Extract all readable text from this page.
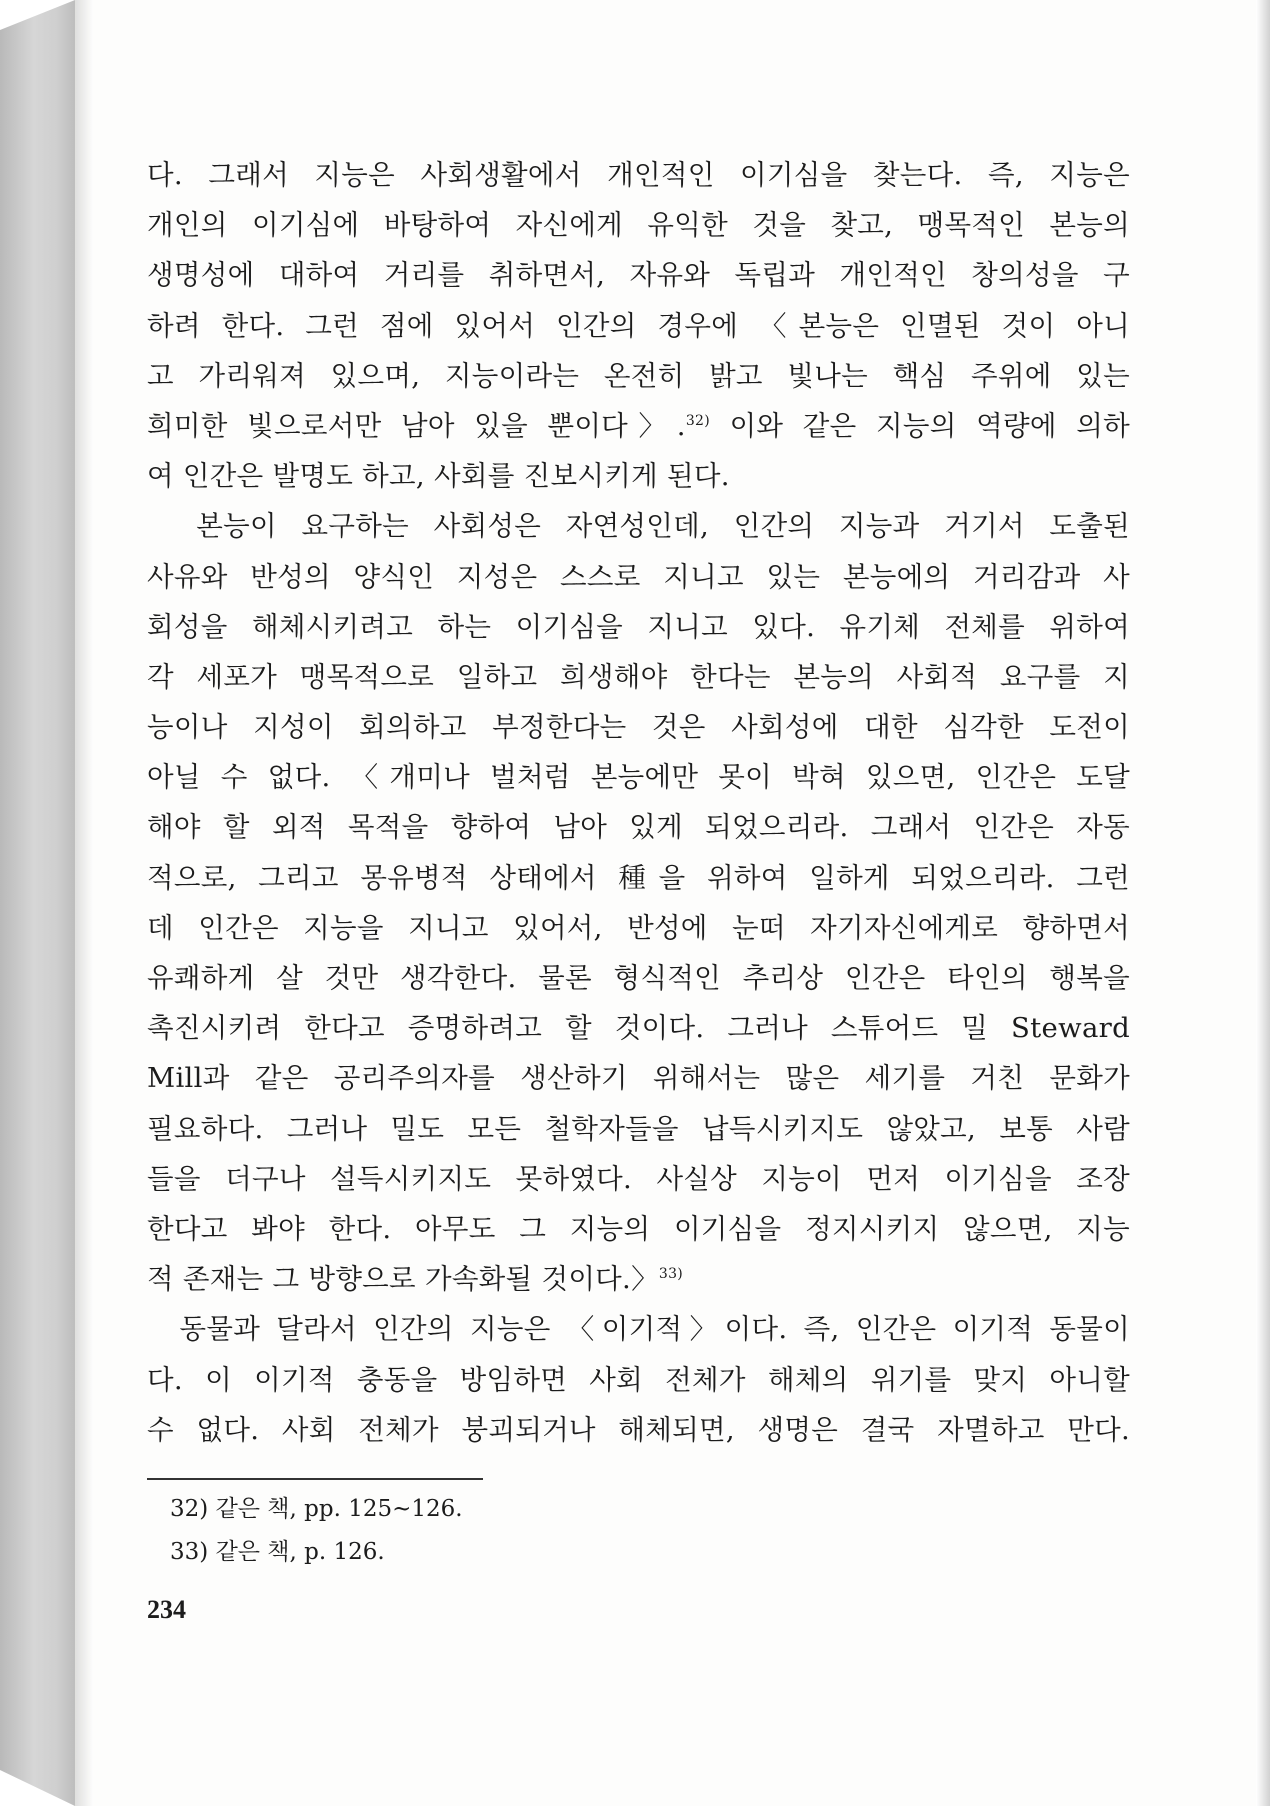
다. 그래서 지능은 사회생활에서 개인적인 이기심을 찾는다. 즉, 지능은
개인의 이기심에 바탕하여 자신에게 유익한 것을 찾고, 맹목적인 본능의
생명성에 대하여 거리를 취하면서, 자유와 독립과 개인적인 창의성을 구
하려 한다. 그런 점에 있어서 인간의 경우에 〈본능은 인멸된 것이 아니
고 가리워져 있으며, 지능이라는 온전히 밝고 빛나는 핵심 주위에 있는
희미한 빛으로서만 남아 있을 뿐이다〉.$^{32)}$ 이와 같은 지능의 역량에 의하
여 인간은 발명도 하고, 사회를 진보시키게 된다.
본능이 요구하는 사회성은 자연성인데, 인간의 지능과 거기서 도출된
사유와 반성의 양식인 지성은 스스로 지니고 있는 본능에의 거리감과 사
회성을 해체시키려고 하는 이기심을 지니고 있다. 유기체 전체를 위하여
각 세포가 맹목적으로 일하고 희생해야 한다는 본능의 사회적 요구를 지
능이나 지성이 회의하고 부정한다는 것은 사회성에 대한 심각한 도전이
아닐 수 없다. 〈개미나 벌처럼 본능에만 못이 박혀 있으면, 인간은 도달
해야 할 외적 목적을 향하여 남아 있게 되었으리라. 그래서 인간은 자동
적으로, 그리고 몽유병적 상태에서 種을 위하여 일하게 되었으리라. 그런
데 인간은 지능을 지니고 있어서, 반성에 눈떠 자기자신에게로 향하면서
유쾌하게 살 것만 생각한다. 물론 형식적인 추리상 인간은 타인의 행복을
촉진시키려 한다고 증명하려고 할 것이다. 그러나 스튜어드 밀 Steward
Mill과 같은 공리주의자를 생산하기 위해서는 많은 세기를 거친 문화가
필요하다. 그러나 밀도 모든 철학자들을 납득시키지도 않았고, 보통 사람
들을 더구나 설득시키지도 못하였다. 사실상 지능이 먼저 이기심을 조장
한다고 봐야 한다. 아무도 그 지능의 이기심을 정지시키지 않으면, 지능
적 존재는 그 방향으로 가속화될 것이다.〉$^{33)}$
동물과 달라서 인간의 지능은 〈이기적〉이다. 즉, 인간은 이기적 동물이
다. 이 이기적 충동을 방임하면 사회 전체가 해체의 위기를 맞지 아니할
수 없다. 사회 전체가 붕괴되거나 해체되면, 생명은 결국 자멸하고 만다.
32) 같은 책, pp. 125~126.
33) 같은 책, p. 126.
234
